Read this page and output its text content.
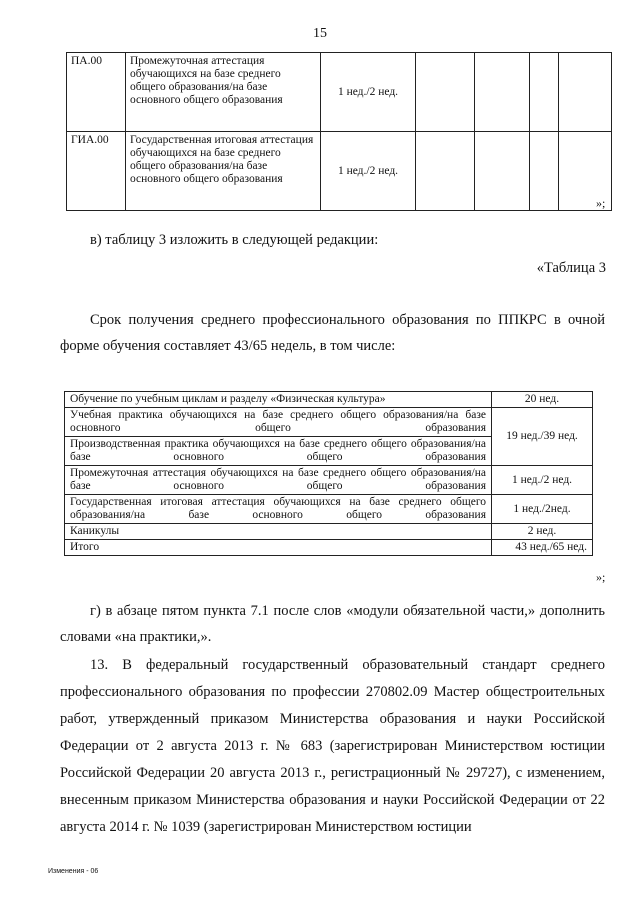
15
ПА.00	Промежуточная аттестация обучающихся на базе среднего общего образования/на базе основного общего образования	1 нед./2 нед.				
ГИА.00	Государственная итоговая аттестация обучающихся на базе среднего общего образования/на базе основного общего образования	1 нед./2 нед.				
»;
в) таблицу 3 изложить в следующей редакции:
«Таблица 3
Срок получения среднего профессионального образования по ППКРС в очной форме обучения составляет 43/65 недель, в том числе:
Обучение по учебным циклам и разделу «Физическая культура»	20 нед.
Учебная практика обучающихся на базе среднего общего образования/на базе основного общего образования	19 нед./39 нед.
Производственная практика обучающихся на базе среднего общего образования/на базе основного общего образования	
Промежуточная аттестация обучающихся на базе среднего общего образования/на базе основного общего образования	1 нед./2 нед.
Государственная итоговая аттестация обучающихся на базе среднего общего образования/на базе основного общего образования	1 нед./2нед.
Каникулы	2 нед.
Итого	43 нед./65 нед.
»;
г) в абзаце пятом пункта 7.1 после слов «модули обязательной части,» дополнить словами «на практики,».
13. В федеральный государственный образовательный стандарт среднего профессионального образования по профессии 270802.09 Мастер общестроительных работ, утвержденный приказом Министерства образования и науки Российской Федерации от 2 августа 2013 г. № 683 (зарегистрирован Министерством юстиции Российской Федерации 20 августа 2013 г., регистрационный № 29727), с изменением, внесенным приказом Министерства образования и науки Российской Федерации от 22 августа 2014 г. № 1039 (зарегистрирован Министерством юстиции
Изменения - 06
